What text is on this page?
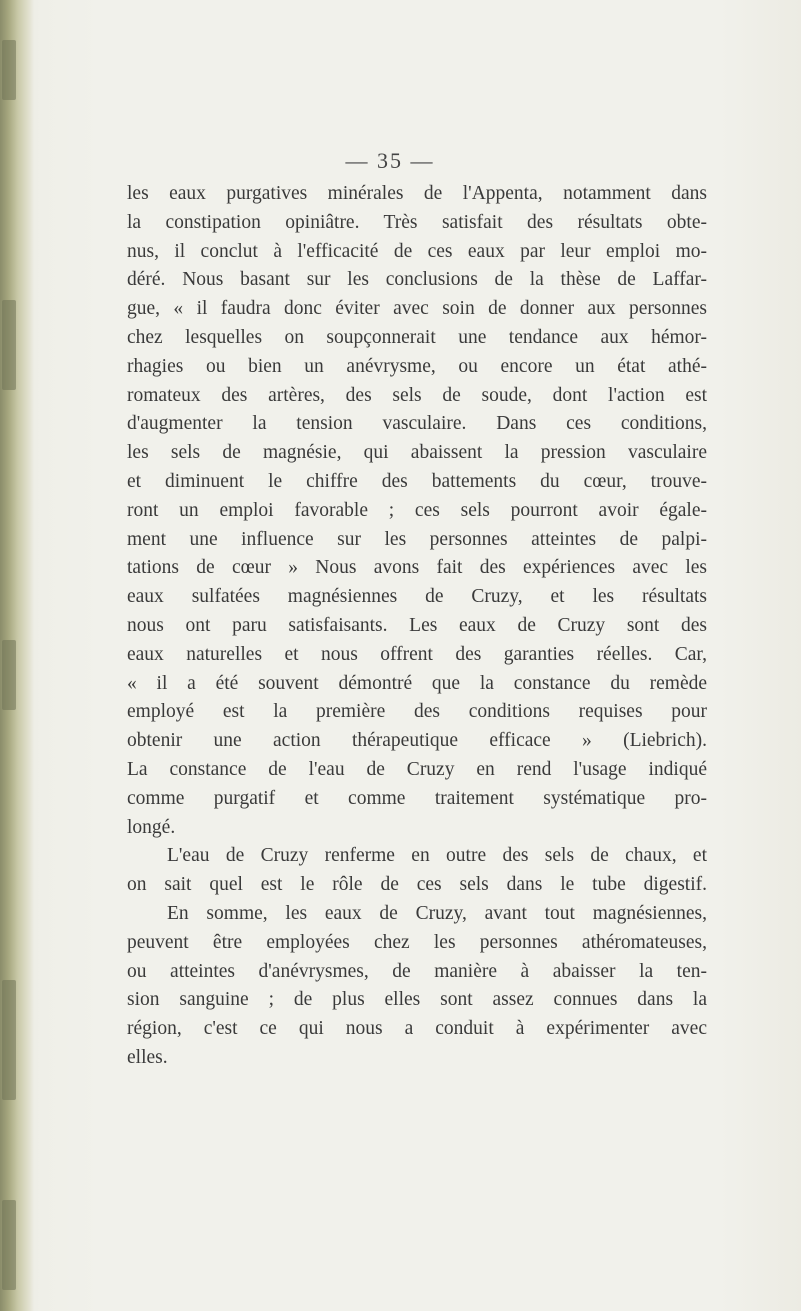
— 35 —
les eaux purgatives minérales de l'Appenta, notamment dans
la constipation opiniâtre. Très satisfait des résultats obte-
nus, il conclut à l'efficacité de ces eaux par leur emploi mo-
déré. Nous basant sur les conclusions de la thèse de Laffar-
gue, « il faudra donc éviter avec soin de donner aux personnes
chez lesquelles on soupçonnerait une tendance aux hémor-
rhagies ou bien un anévrysme, ou encore un état athé-
romateux des artères, des sels de soude, dont l'action est
d'augmenter la tension vasculaire. Dans ces conditions,
les sels de magnésie, qui abaissent la pression vasculaire
et diminuent le chiffre des battements du cœur, trouve-
ront un emploi favorable ; ces sels pourront avoir égale-
ment une influence sur les personnes atteintes de palpi-
tations de cœur » Nous avons fait des expériences avec les
eaux sulfatées magnésiennes de Cruzy, et les résultats
nous ont paru satisfaisants. Les eaux de Cruzy sont des
eaux naturelles et nous offrent des garanties réelles. Car,
« il a été souvent démontré que la constance du remède
employé est la première des conditions requises pour
obtenir une action thérapeutique efficace » (Liebrich).
La constance de l'eau de Cruzy en rend l'usage indiqué
comme purgatif et comme traitement systématique pro-
longé.
L'eau de Cruzy renferme en outre des sels de chaux, et
on sait quel est le rôle de ces sels dans le tube digestif.
En somme, les eaux de Cruzy, avant tout magnésiennes,
peuvent être employées chez les personnes athéromateuses,
ou atteintes d'anévrysmes, de manière à abaisser la ten-
sion sanguine ; de plus elles sont assez connues dans la
région, c'est ce qui nous a conduit à expérimenter avec
elles.
